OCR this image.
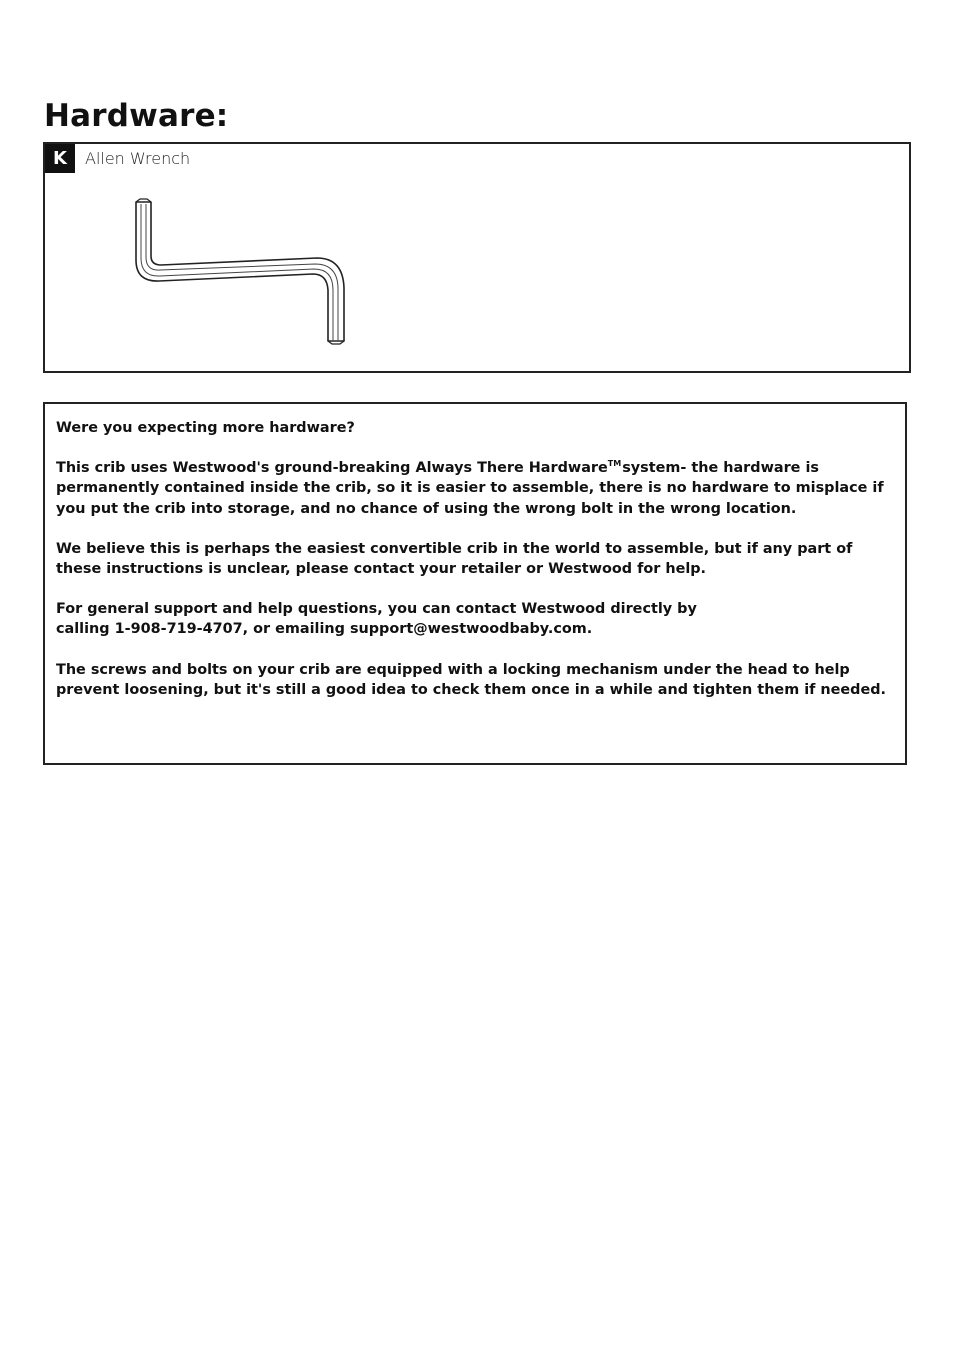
Hardware:
K	Allen Wrench

Were you expecting more hardware?

This crib uses Westwood's ground-breaking Always There Hardware™system- the hardware is permanently contained inside the crib, so it is easier to assemble, there is no hardware to misplace if you put the crib into storage, and no chance of using the wrong bolt in the wrong location.

We believe this is perhaps the easiest convertible crib in the world to assemble, but if any part of these instructions is unclear, please contact your retailer or Westwood for help.

For general support and help questions, you can contact Westwood directly by
calling 1-908-719-4707, or emailing support@westwoodbaby.com.

The screws and bolts on your crib are equipped with a locking mechanism under the head to help prevent loosening, but it's still a good idea to check them once in a while and tighten them if needed.
